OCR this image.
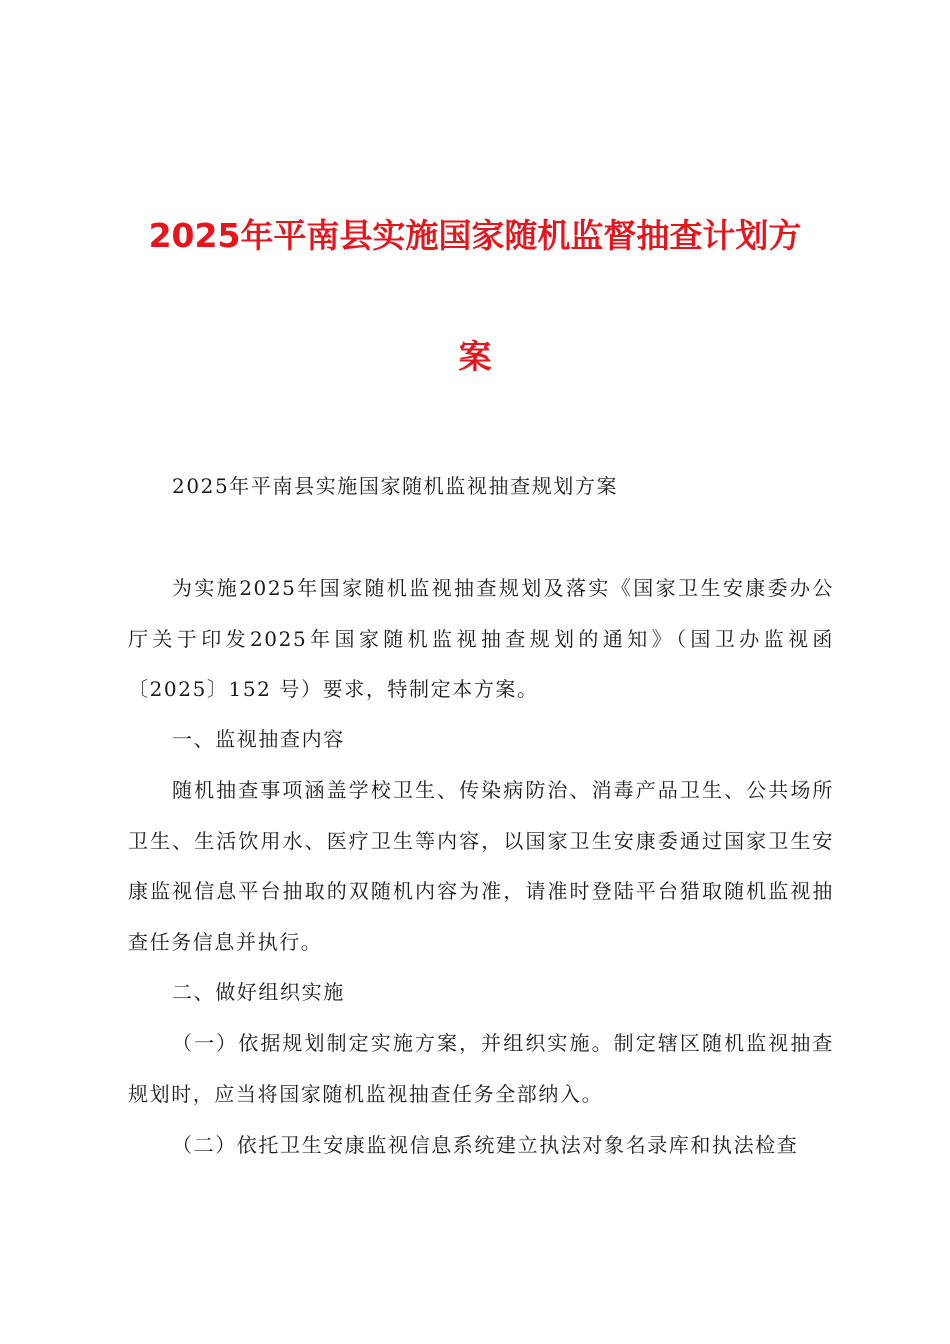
2025年平南县实施国家随机监督抽查计划方
案

2025年平南县实施国家随机监视抽查规划方案

为实施2025年国家随机监视抽查规划及落实《国家卫生安康委办公厅关于印发2025年国家随机监视抽查规划的通知》（国卫办监视函〔2025〕152 号）要求，特制定本方案。

一、监视抽查内容

随机抽查事项涵盖学校卫生、传染病防治、消毒产品卫生、公共场所卫生、生活饮用水、医疗卫生等内容，以国家卫生安康委通过国家卫生安康监视信息平台抽取的双随机内容为准，请准时登陆平台猎取随机监视抽查任务信息并执行。

二、做好组织实施

（一）依据规划制定实施方案，并组织实施。制定辖区随机监视抽查规划时，应当将国家随机监视抽查任务全部纳入。

（二）依托卫生安康监视信息系统建立执法对象名录库和执法检查
